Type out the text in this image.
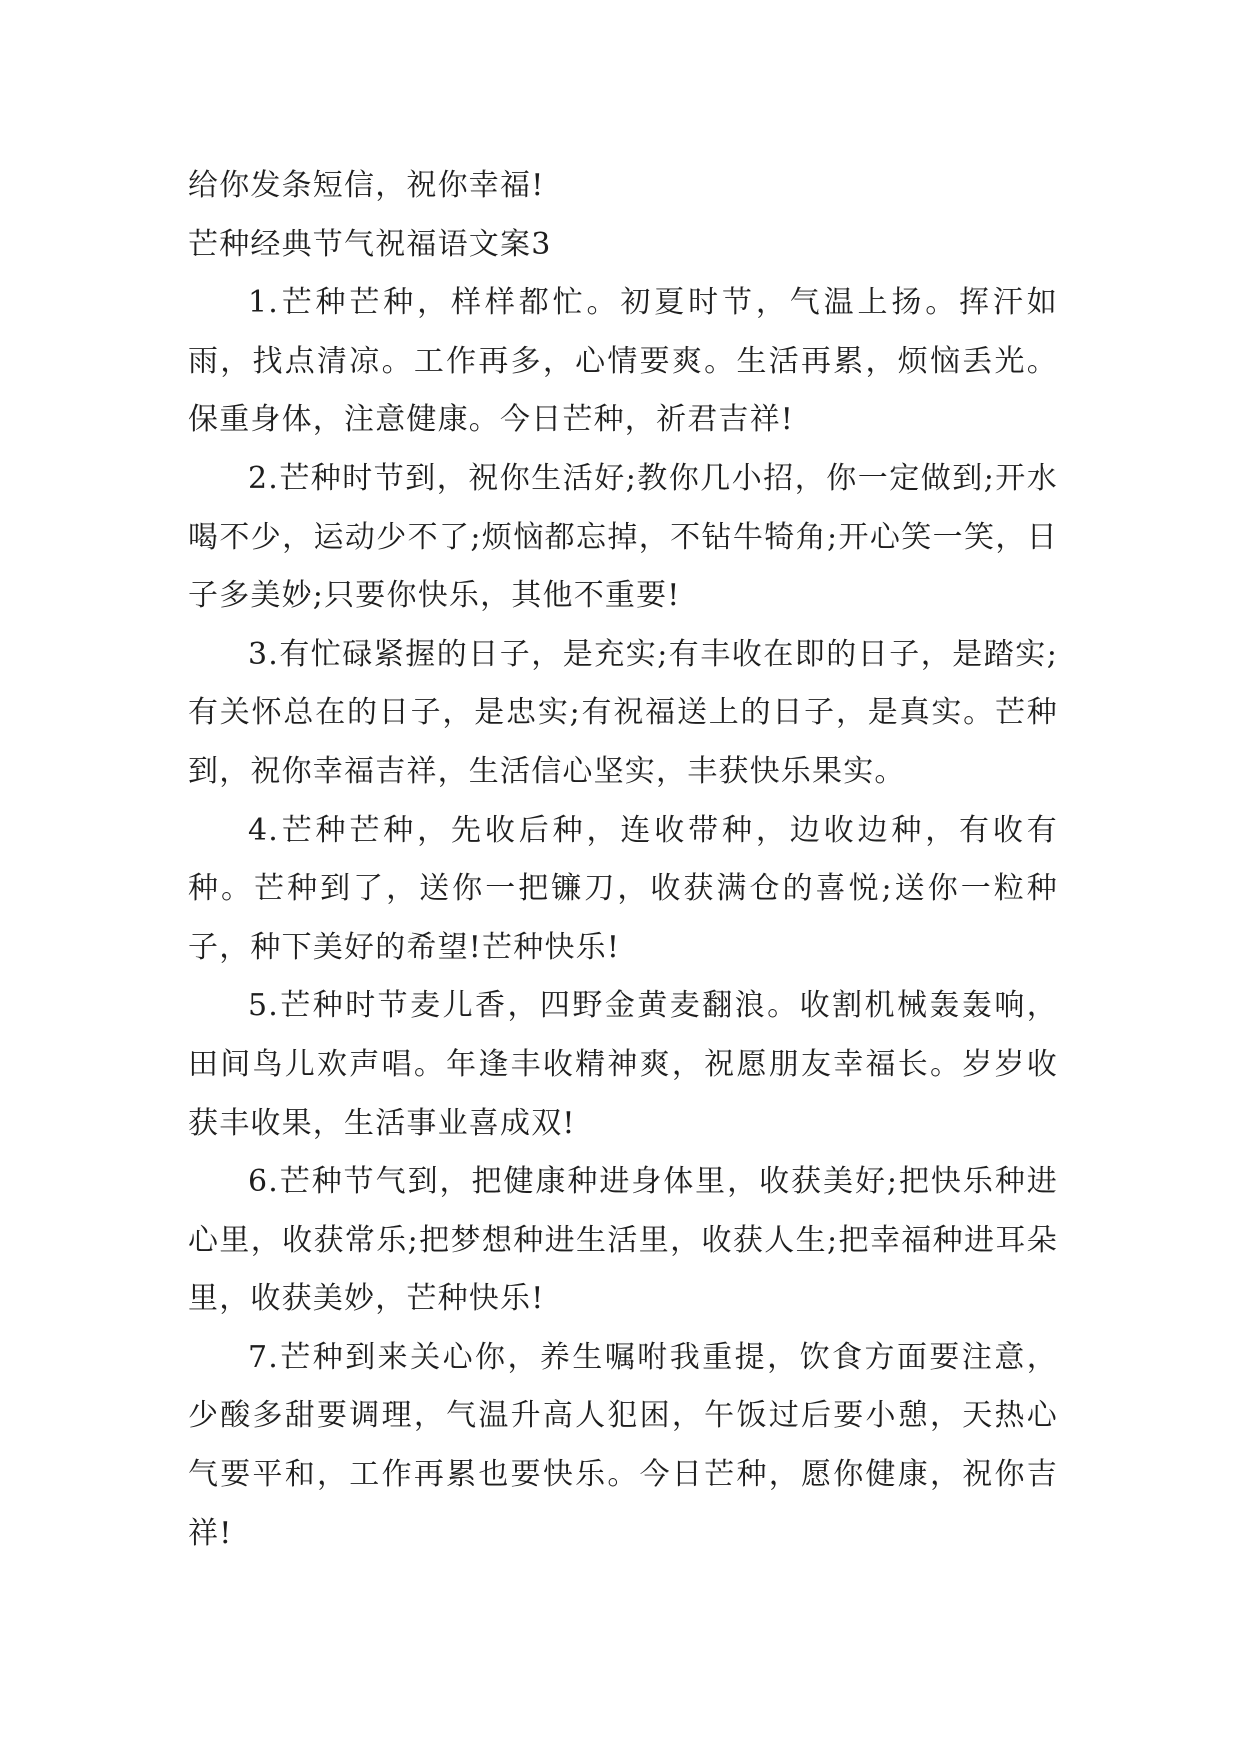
给你发条短信，祝你幸福!

芒种经典节气祝福语文案3

1.芒种芒种，样样都忙。初夏时节，气温上扬。挥汗如雨，找点清凉。工作再多，心情要爽。生活再累，烦恼丢光。保重身体，注意健康。今日芒种，祈君吉祥!

2.芒种时节到，祝你生活好;教你几小招，你一定做到;开水喝不少，运动少不了;烦恼都忘掉，不钻牛犄角;开心笑一笑，日子多美妙;只要你快乐，其他不重要!

3.有忙碌紧握的日子，是充实;有丰收在即的日子，是踏实;有关怀总在的日子，是忠实;有祝福送上的日子，是真实。芒种到，祝你幸福吉祥，生活信心坚实，丰获快乐果实。

4.芒种芒种，先收后种，连收带种，边收边种，有收有种。芒种到了，送你一把镰刀，收获满仓的喜悦;送你一粒种子，种下美好的希望!芒种快乐!

5.芒种时节麦儿香，四野金黄麦翻浪。收割机械轰轰响，田间鸟儿欢声唱。年逢丰收精神爽，祝愿朋友幸福长。岁岁收获丰收果，生活事业喜成双!

6.芒种节气到，把健康种进身体里，收获美好;把快乐种进心里，收获常乐;把梦想种进生活里，收获人生;把幸福种进耳朵里，收获美妙，芒种快乐!

7.芒种到来关心你，养生嘱咐我重提，饮食方面要注意，少酸多甜要调理，气温升高人犯困，午饭过后要小憩，天热心气要平和，工作再累也要快乐。今日芒种，愿你健康，祝你吉祥!
